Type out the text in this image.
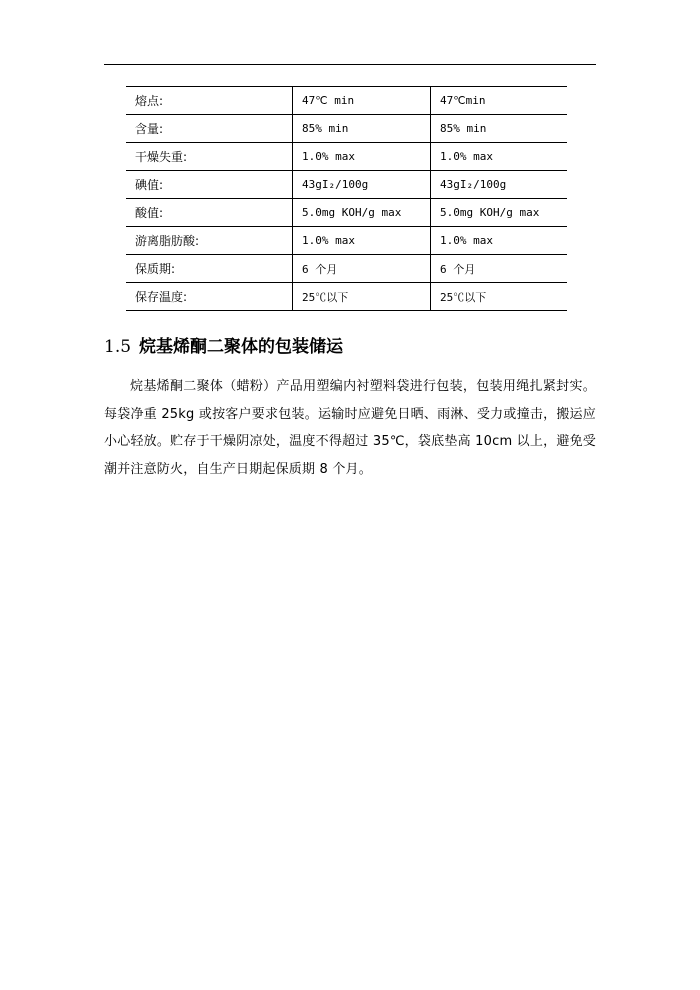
熔点:	47℃ min	47℃min
含量:	85% min	85% min
干燥失重:	1.0% max	1.0% max
碘值:	43gI₂/100g	43gI₂/100g
酸值:	5.0mg KOH/g max	5.0mg KOH/g max
游离脂肪酸:	1.0% max	1.0% max
保质期:	6 个月	6 个月
保存温度:	25℃以下	25℃以下
1.5 烷基烯酮二聚体的包装储运

烷基烯酮二聚体（蜡粉）产品用塑编内衬塑料袋进行包装，包装用绳扎紧封实。每袋净重 25kg 或按客户要求包装。运输时应避免日晒、雨淋、受力或撞击，搬运应小心轻放。贮存于干燥阴凉处，温度不得超过 35℃，袋底垫高 10cm 以上，避免受潮并注意防火，自生产日期起保质期 8 个月。
